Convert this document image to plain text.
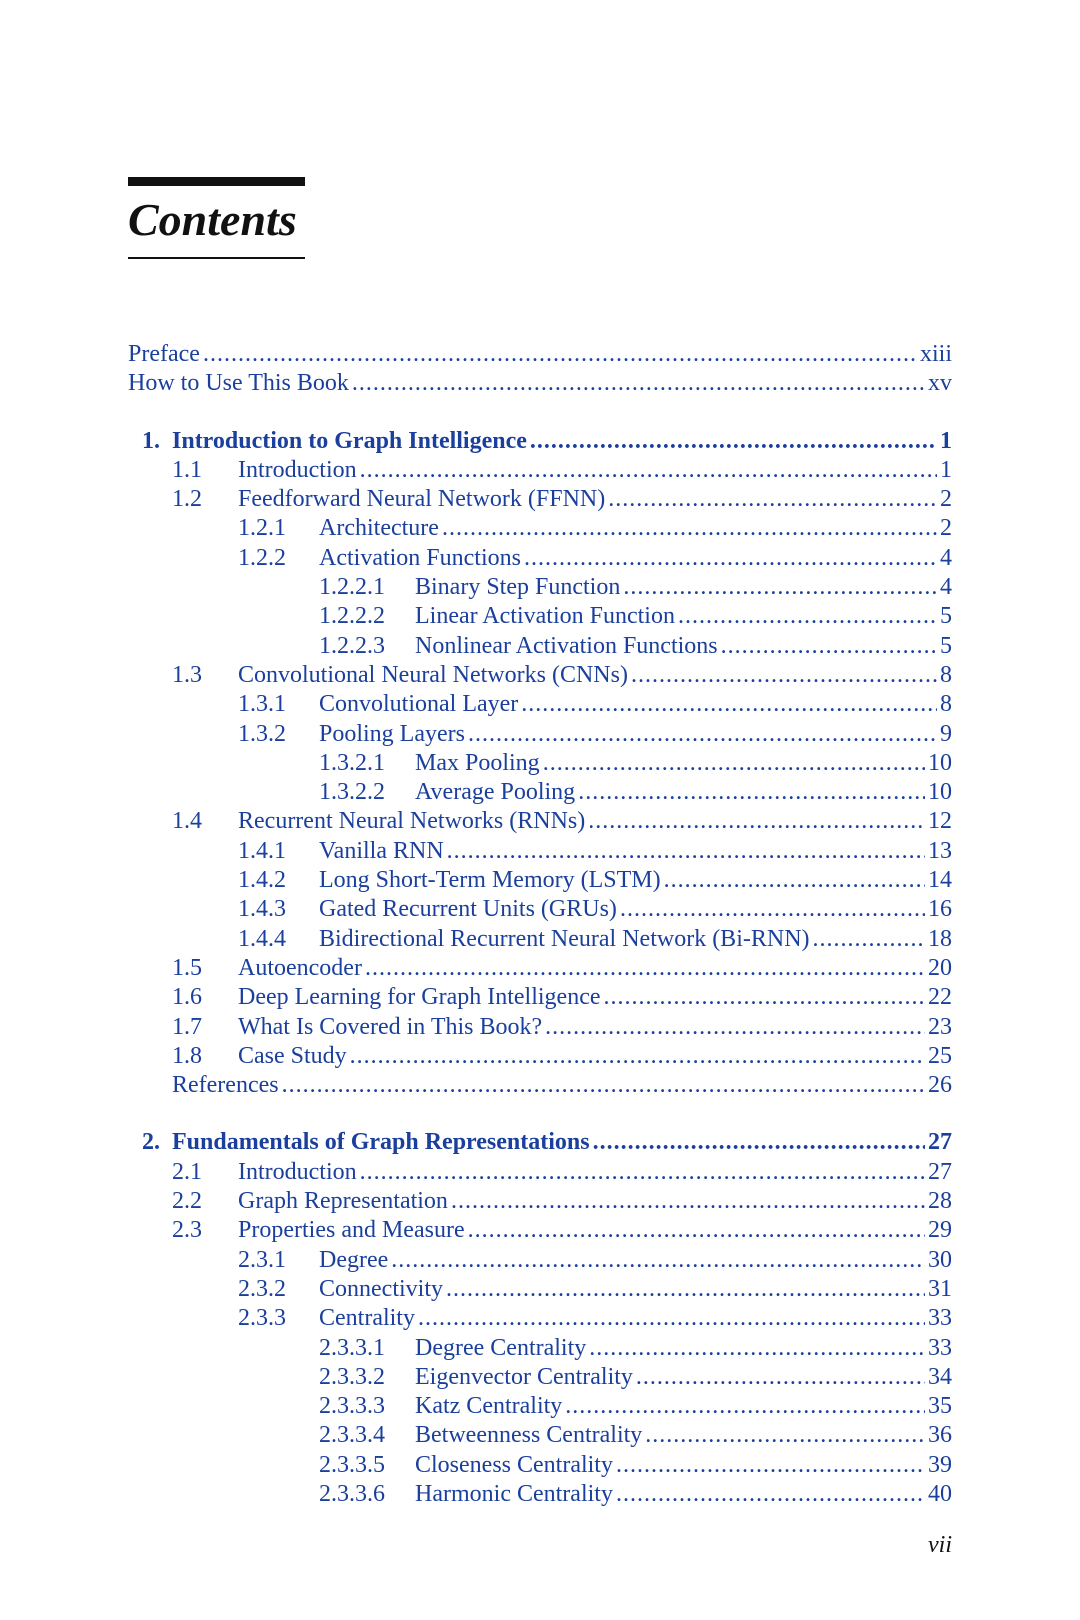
Contents
Preface .....	xiii
How to Use This Book .....	xv
1. Introduction to Graph Intelligence .....	1
1.1 Introduction .....	1
1.2 Feedforward Neural Network (FFNN) .....	2
1.2.1 Architecture .....	2
1.2.2 Activation Functions .....	4
1.2.2.1 Binary Step Function .....	4
1.2.2.2 Linear Activation Function .....	5
1.2.2.3 Nonlinear Activation Functions .....	5
1.3 Convolutional Neural Networks (CNNs) .....	8
1.3.1 Convolutional Layer .....	8
1.3.2 Pooling Layers .....	9
1.3.2.1 Max Pooling .....	10
1.3.2.2 Average Pooling .....	10
1.4 Recurrent Neural Networks (RNNs) .....	12
1.4.1 Vanilla RNN .....	13
1.4.2 Long Short-Term Memory (LSTM) .....	14
1.4.3 Gated Recurrent Units (GRUs) .....	16
1.4.4 Bidirectional Recurrent Neural Network (Bi-RNN) .....	18
1.5 Autoencoder .....	20
1.6 Deep Learning for Graph Intelligence .....	22
1.7 What Is Covered in This Book? .....	23
1.8 Case Study .....	25
References .....	26
2. Fundamentals of Graph Representations .....	27
2.1 Introduction .....	27
2.2 Graph Representation .....	28
2.3 Properties and Measure .....	29
2.3.1 Degree .....	30
2.3.2 Connectivity .....	31
2.3.3 Centrality .....	33
2.3.3.1 Degree Centrality .....	33
2.3.3.2 Eigenvector Centrality .....	34
2.3.3.3 Katz Centrality .....	35
2.3.3.4 Betweenness Centrality .....	36
2.3.3.5 Closeness Centrality .....	39
2.3.3.6 Harmonic Centrality .....	40
vii
